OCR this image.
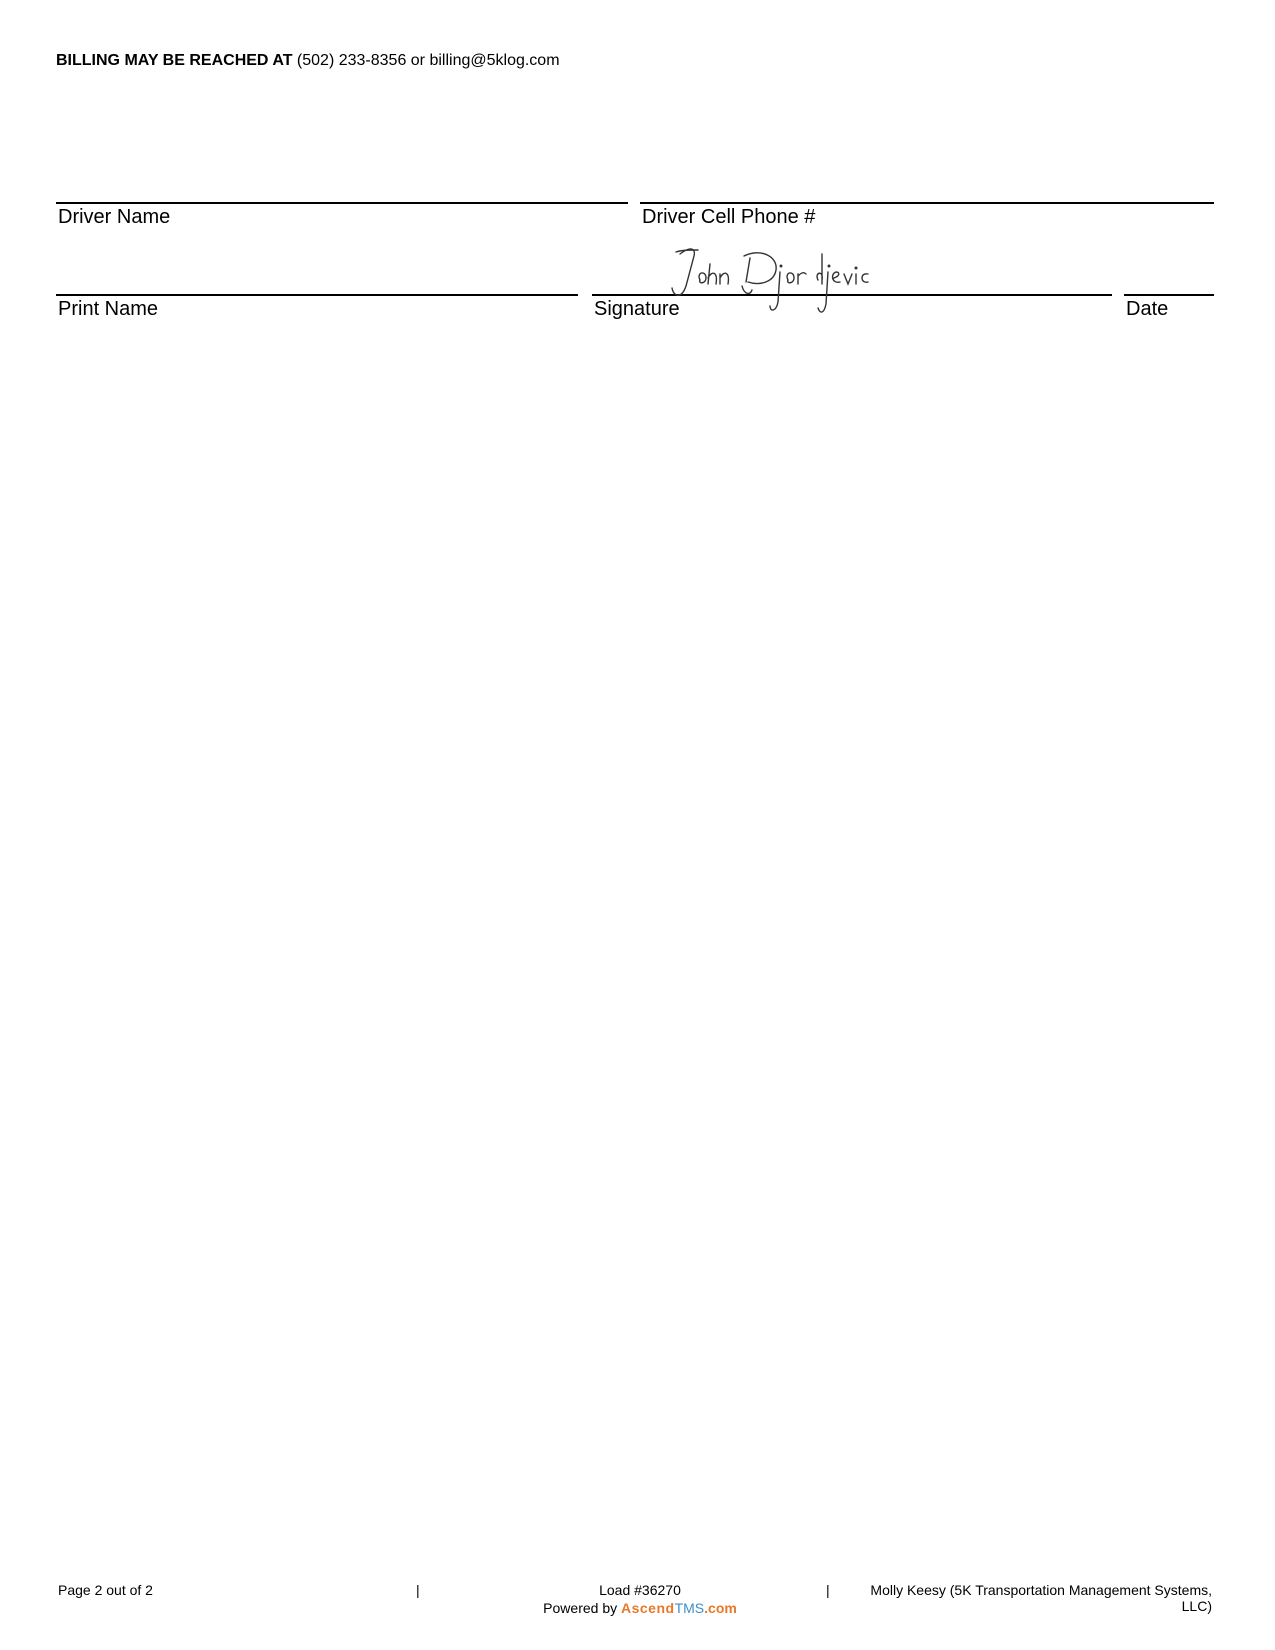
BILLING MAY BE REACHED AT (502) 233-8356 or billing@5klog.com
Driver Name	Driver Cell Phone #
Print Name	Signature	Date
Page 2 out of 2	|	Load #36270
Powered by AscendTMS.com
|	Molly Keesy (5K Transportation Management Systems,
LLC)
